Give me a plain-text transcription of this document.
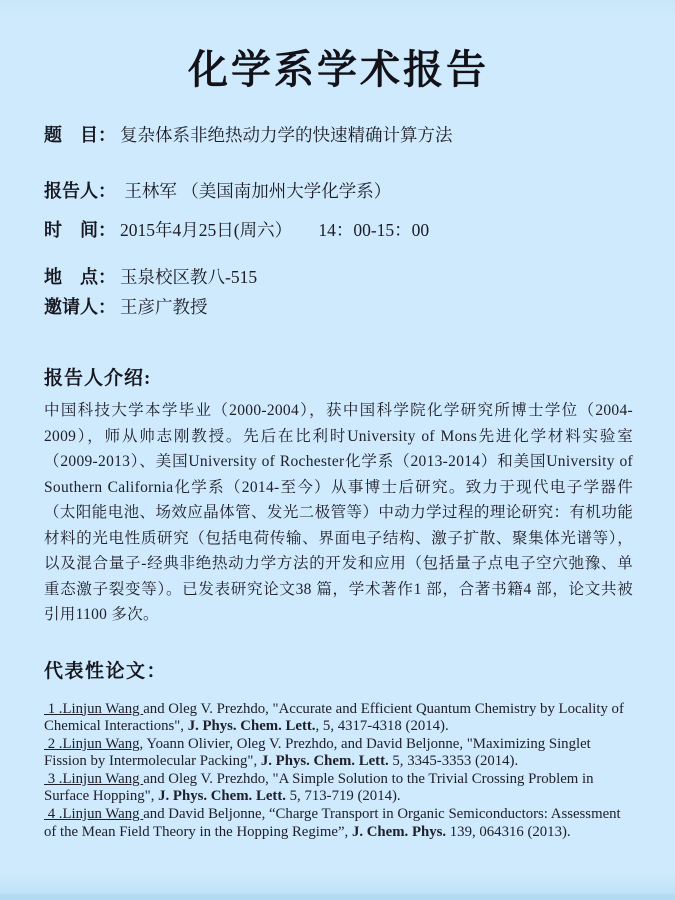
化学系学术报告
题　目： 复杂体系非绝热动力学的快速精确计算方法
报告人： 王林军 （美国南加州大学化学系）
时　间： 2015年4月25日(周六）　　14：00-15：00
地　点： 玉泉校区教八-515
邀请人： 王彦广教授
报告人介绍:
中国科技大学本学毕业（2000-2004），获中国科学院化学研究所博士学位（2004-2009），师从帅志刚教授。先后在比利时University of Mons先进化学材料实验室（2009-2013）、美国University of Rochester化学系（2013-2014）和美国University of Southern California化学系（2014-至今）从事博士后研究。致力于现代电子学器件（太阳能电池、场效应晶体管、发光二极管等）中动力学过程的理论研究：有机功能材料的光电性质研究（包括电荷传输、界面电子结构、激子扩散、聚集体光谱等），以及混合量子-经典非绝热动力学方法的开发和应用（包括量子点电子空穴弛豫、单重态激子裂变等）。已发表研究论文38 篇，学术著作1 部，合著书籍4 部，论文共被引用1100 多次。
代表性论文：

1 .Linjun Wang and Oleg V. Prezhdo, "Accurate and Efficient Quantum Chemistry by Locality of Chemical Interactions", J. Phys. Chem. Lett., 5, 4317-4318 (2014).

2 .Linjun Wang, Yoann Olivier, Oleg V. Prezhdo, and David Beljonne, "Maximizing Singlet Fission by Intermolecular Packing", J. Phys. Chem. Lett. 5, 3345-3353 (2014).

3 .Linjun Wang and Oleg V. Prezhdo, "A Simple Solution to the Trivial Crossing Problem in Surface Hopping", J. Phys. Chem. Lett. 5, 713-719 (2014).

4 .Linjun Wang and David Beljonne, “Charge Transport in Organic Semiconductors: Assessment of the Mean Field Theory in the Hopping Regime”, J. Chem. Phys. 139, 064316 (2013).
